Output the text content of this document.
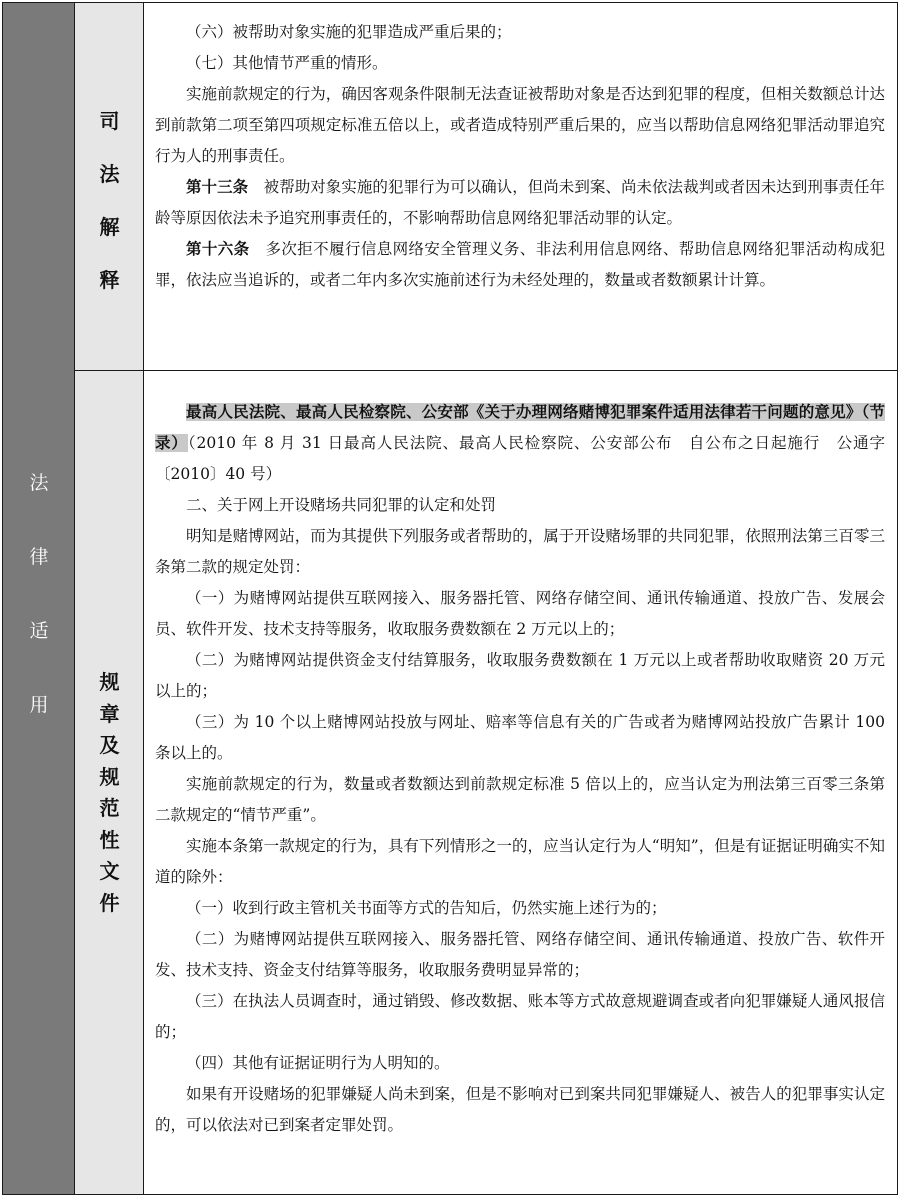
法
律
适
用
司
法
解
释
规
章
及
规
范
性
文
件

（六）被帮助对象实施的犯罪造成严重后果的；

（七）其他情节严重的情形。

实施前款规定的行为，确因客观条件限制无法查证被帮助对象是否达到犯罪的程度，但相关数额总计达到前款第二项至第四项规定标准五倍以上，或者造成特别严重后果的，应当以帮助信息网络犯罪活动罪追究行为人的刑事责任。

第十三条　被帮助对象实施的犯罪行为可以确认，但尚未到案、尚未依法裁判或者因未达到刑事责任年龄等原因依法未予追究刑事责任的，不影响帮助信息网络犯罪活动罪的认定。

第十六条　多次拒不履行信息网络安全管理义务、非法利用信息网络、帮助信息网络犯罪活动构成犯罪，依法应当追诉的，或者二年内多次实施前述行为未经处理的，数量或者数额累计计算。

最高人民法院、最高人民检察院、公安部《关于办理网络赌博犯罪案件适用法律若干问题的意见》（节录）（2010 年 8 月 31 日最高人民法院、最高人民检察院、公安部公布　自公布之日起施行　公通字〔2010〕40 号）

二、关于网上开设赌场共同犯罪的认定和处罚

明知是赌博网站，而为其提供下列服务或者帮助的，属于开设赌场罪的共同犯罪，依照刑法第三百零三条第二款的规定处罚：

（一）为赌博网站提供互联网接入、服务器托管、网络存储空间、通讯传输通道、投放广告、发展会员、软件开发、技术支持等服务，收取服务费数额在 2 万元以上的；

（二）为赌博网站提供资金支付结算服务，收取服务费数额在 1 万元以上或者帮助收取赌资 20 万元以上的；

（三）为 10 个以上赌博网站投放与网址、赔率等信息有关的广告或者为赌博网站投放广告累计 100 条以上的。

实施前款规定的行为，数量或者数额达到前款规定标准 5 倍以上的，应当认定为刑法第三百零三条第二款规定的“情节严重”。

实施本条第一款规定的行为，具有下列情形之一的，应当认定行为人“明知”，但是有证据证明确实不知道的除外：

（一）收到行政主管机关书面等方式的告知后，仍然实施上述行为的；

（二）为赌博网站提供互联网接入、服务器托管、网络存储空间、通讯传输通道、投放广告、软件开发、技术支持、资金支付结算等服务，收取服务费明显异常的；

（三）在执法人员调查时，通过销毁、修改数据、账本等方式故意规避调查或者向犯罪嫌疑人通风报信的；

（四）其他有证据证明行为人明知的。

如果有开设赌场的犯罪嫌疑人尚未到案，但是不影响对已到案共同犯罪嫌疑人、被告人的犯罪事实认定的，可以依法对已到案者定罪处罚。
